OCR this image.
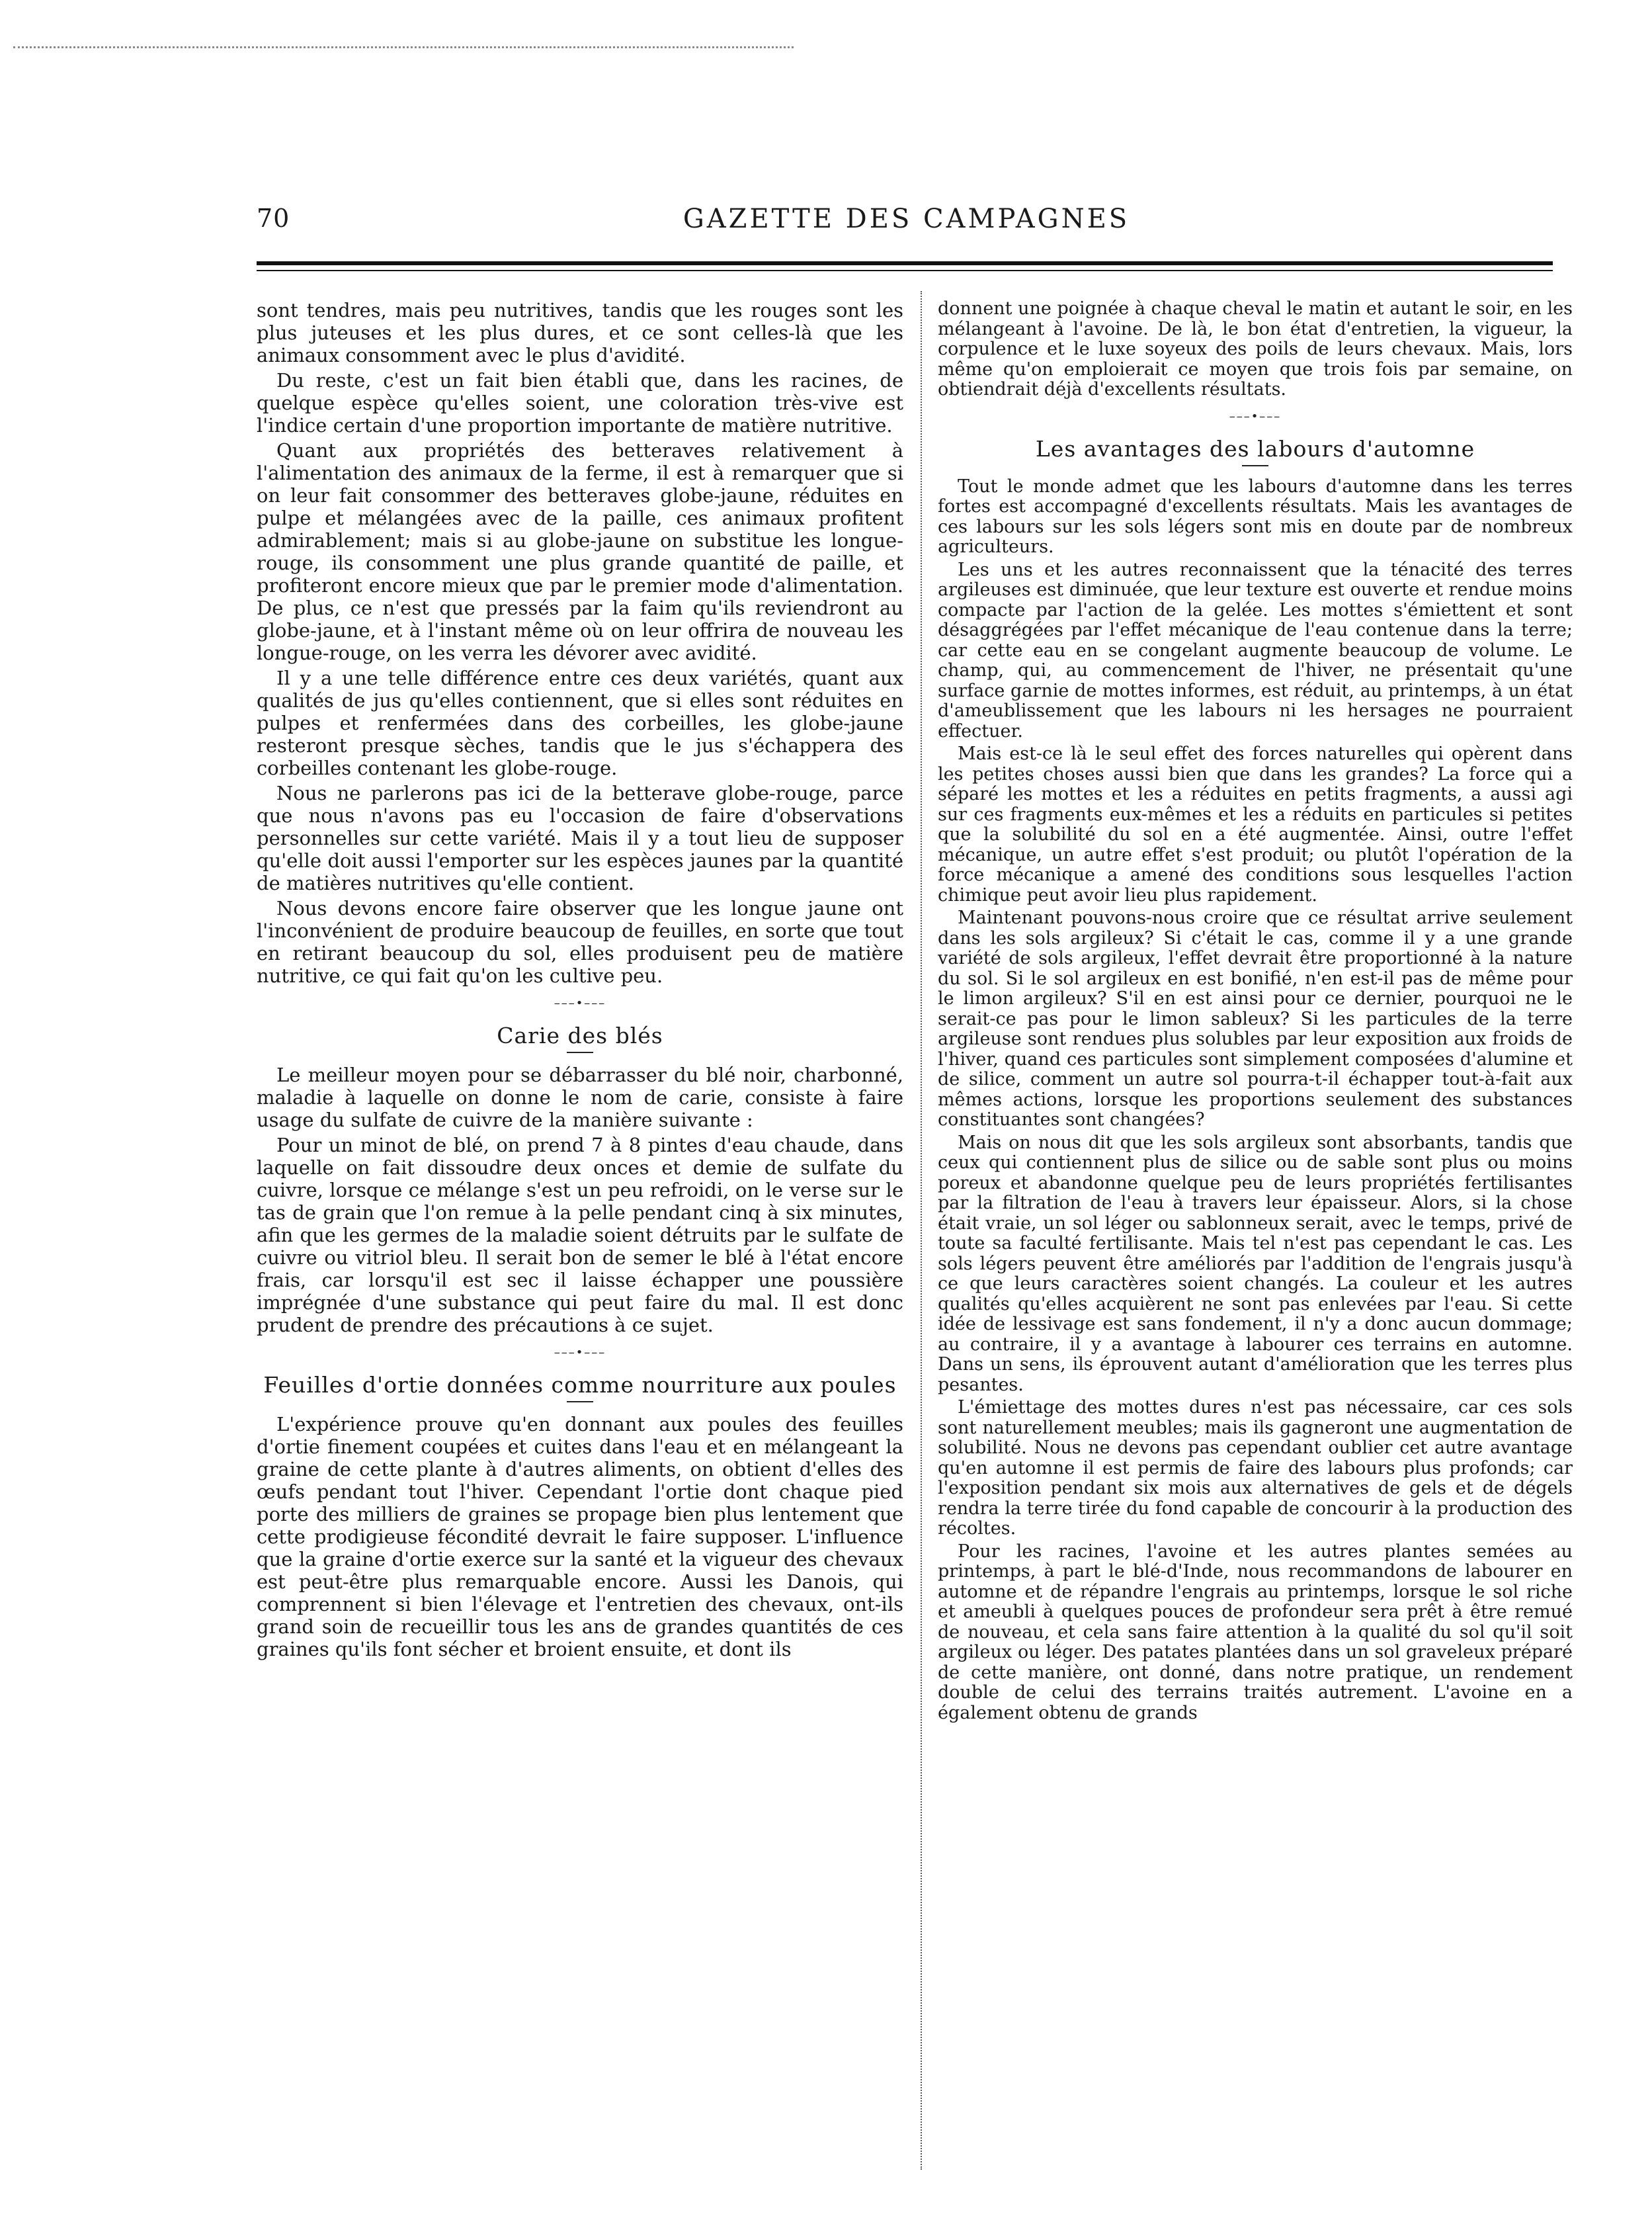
70	GAZETTE DES CAMPAGNES

sont tendres, mais peu nutritives, tandis que les rouges sont les plus juteuses et les plus dures, et ce sont celles-là que les animaux consomment avec le plus d'avidité.

Du reste, c'est un fait bien établi que, dans les racines, de quelque espèce qu'elles soient, une coloration très-vive est l'indice certain d'une proportion importante de matière nutritive.

Quant aux propriétés des betteraves relativement à l'alimentation des animaux de la ferme, il est à remarquer que si on leur fait consommer des betteraves globe-jaune, réduites en pulpe et mélangées avec de la paille, ces animaux profitent admirablement; mais si au globe-jaune on substitue les longue-rouge, ils consomment une plus grande quantité de paille, et profiteront encore mieux que par le premier mode d'alimentation. De plus, ce n'est que pressés par la faim qu'ils reviendront au globe-jaune, et à l'instant même où on leur offrira de nouveau les longue-rouge, on les verra les dévorer avec avidité.

Il y a une telle différence entre ces deux variétés, quant aux qualités de jus qu'elles contiennent, que si elles sont réduites en pulpes et renfermées dans des corbeilles, les globe-jaune resteront presque sèches, tandis que le jus s'échappera des corbeilles contenant les globe-rouge.

Nous ne parlerons pas ici de la betterave globe-rouge, parce que nous n'avons pas eu l'occasion de faire d'observations personnelles sur cette variété. Mais il y a tout lieu de supposer qu'elle doit aussi l'emporter sur les espèces jaunes par la quantité de matières nutritives qu'elle contient.

Nous devons encore faire observer que les longue jaune ont l'inconvénient de produire beaucoup de feuilles, en sorte que tout en retirant beaucoup du sol, elles produisent peu de matière nutritive, ce qui fait qu'on les cultive peu.

–––•–––
Carie des blés

Le meilleur moyen pour se débarrasser du blé noir, charbonné, maladie à laquelle on donne le nom de carie, consiste à faire usage du sulfate de cuivre de la manière suivante :

Pour un minot de blé, on prend 7 à 8 pintes d'eau chaude, dans laquelle on fait dissoudre deux onces et demie de sulfate du cuivre, lorsque ce mélange s'est un peu refroidi, on le verse sur le tas de grain que l'on remue à la pelle pendant cinq à six minutes, afin que les germes de la maladie soient détruits par le sulfate de cuivre ou vitriol bleu. Il serait bon de semer le blé à l'état encore frais, car lorsqu'il est sec il laisse échapper une poussière imprégnée d'une substance qui peut faire du mal. Il est donc prudent de prendre des précautions à ce sujet.

–––•–––
Feuilles d'ortie données comme nourriture aux poules

L'expérience prouve qu'en donnant aux poules des feuilles d'ortie finement coupées et cuites dans l'eau et en mélangeant la graine de cette plante à d'autres aliments, on obtient d'elles des œufs pendant tout l'hiver. Cependant l'ortie dont chaque pied porte des milliers de graines se propage bien plus lentement que cette prodigieuse fécondité devrait le faire supposer. L'influence que la graine d'ortie exerce sur la santé et la vigueur des chevaux est peut-être plus remarquable encore. Aussi les Danois, qui comprennent si bien l'élevage et l'entretien des chevaux, ont-ils grand soin de recueillir tous les ans de grandes quantités de ces graines qu'ils font sécher et broient ensuite, et dont ils

donnent une poignée à chaque cheval le matin et autant le soir, en les mélangeant à l'avoine. De là, le bon état d'entretien, la vigueur, la corpulence et le luxe soyeux des poils de leurs chevaux. Mais, lors même qu'on emploierait ce moyen que trois fois par semaine, on obtiendrait déjà d'excellents résultats.

–––•–––
Les avantages des labours d'automne

Tout le monde admet que les labours d'automne dans les terres fortes est accompagné d'excellents résultats. Mais les avantages de ces labours sur les sols légers sont mis en doute par de nombreux agriculteurs.

Les uns et les autres reconnaissent que la ténacité des terres argileuses est diminuée, que leur texture est ouverte et rendue moins compacte par l'action de la gelée. Les mottes s'émiettent et sont désaggrégées par l'effet mécanique de l'eau contenue dans la terre; car cette eau en se congelant augmente beaucoup de volume. Le champ, qui, au commencement de l'hiver, ne présentait qu'une surface garnie de mottes informes, est réduit, au printemps, à un état d'ameublissement que les labours ni les hersages ne pourraient effectuer.

Mais est-ce là le seul effet des forces naturelles qui opèrent dans les petites choses aussi bien que dans les grandes? La force qui a séparé les mottes et les a réduites en petits fragments, a aussi agi sur ces fragments eux-mêmes et les a réduits en particules si petites que la solubilité du sol en a été augmentée. Ainsi, outre l'effet mécanique, un autre effet s'est produit; ou plutôt l'opération de la force mécanique a amené des conditions sous lesquelles l'action chimique peut avoir lieu plus rapidement.

Maintenant pouvons-nous croire que ce résultat arrive seulement dans les sols argileux? Si c'était le cas, comme il y a une grande variété de sols argileux, l'effet devrait être proportionné à la nature du sol. Si le sol argileux en est bonifié, n'en est-il pas de même pour le limon argileux? S'il en est ainsi pour ce dernier, pourquoi ne le serait-ce pas pour le limon sableux? Si les particules de la terre argileuse sont rendues plus solubles par leur exposition aux froids de l'hiver, quand ces particules sont simplement composées d'alumine et de silice, comment un autre sol pourra-t-il échapper tout-à-fait aux mêmes actions, lorsque les proportions seulement des substances constituantes sont changées?

Mais on nous dit que les sols argileux sont absorbants, tandis que ceux qui contiennent plus de silice ou de sable sont plus ou moins poreux et abandonne quelque peu de leurs propriétés fertilisantes par la filtration de l'eau à travers leur épaisseur. Alors, si la chose était vraie, un sol léger ou sablonneux serait, avec le temps, privé de toute sa faculté fertilisante. Mais tel n'est pas cependant le cas. Les sols légers peuvent être améliorés par l'addition de l'engrais jusqu'à ce que leurs caractères soient changés. La couleur et les autres qualités qu'elles acquièrent ne sont pas enlevées par l'eau. Si cette idée de lessivage est sans fondement, il n'y a donc aucun dommage; au contraire, il y a avantage à labourer ces terrains en automne. Dans un sens, ils éprouvent autant d'amélioration que les terres plus pesantes.

L'émiettage des mottes dures n'est pas nécessaire, car ces sols sont naturellement meubles; mais ils gagneront une augmentation de solubilité. Nous ne devons pas cependant oublier cet autre avantage qu'en automne il est permis de faire des labours plus profonds; car l'exposition pendant six mois aux alternatives de gels et de dégels rendra la terre tirée du fond capable de concourir à la production des récoltes.

Pour les racines, l'avoine et les autres plantes semées au printemps, à part le blé-d'Inde, nous recommandons de labourer en automne et de répandre l'engrais au printemps, lorsque le sol riche et ameubli à quelques pouces de profondeur sera prêt à être remué de nouveau, et cela sans faire attention à la qualité du sol qu'il soit argileux ou léger. Des patates plantées dans un sol graveleux préparé de cette manière, ont donné, dans notre pratique, un rendement double de celui des terrains traités autrement. L'avoine en a également obtenu de grands
